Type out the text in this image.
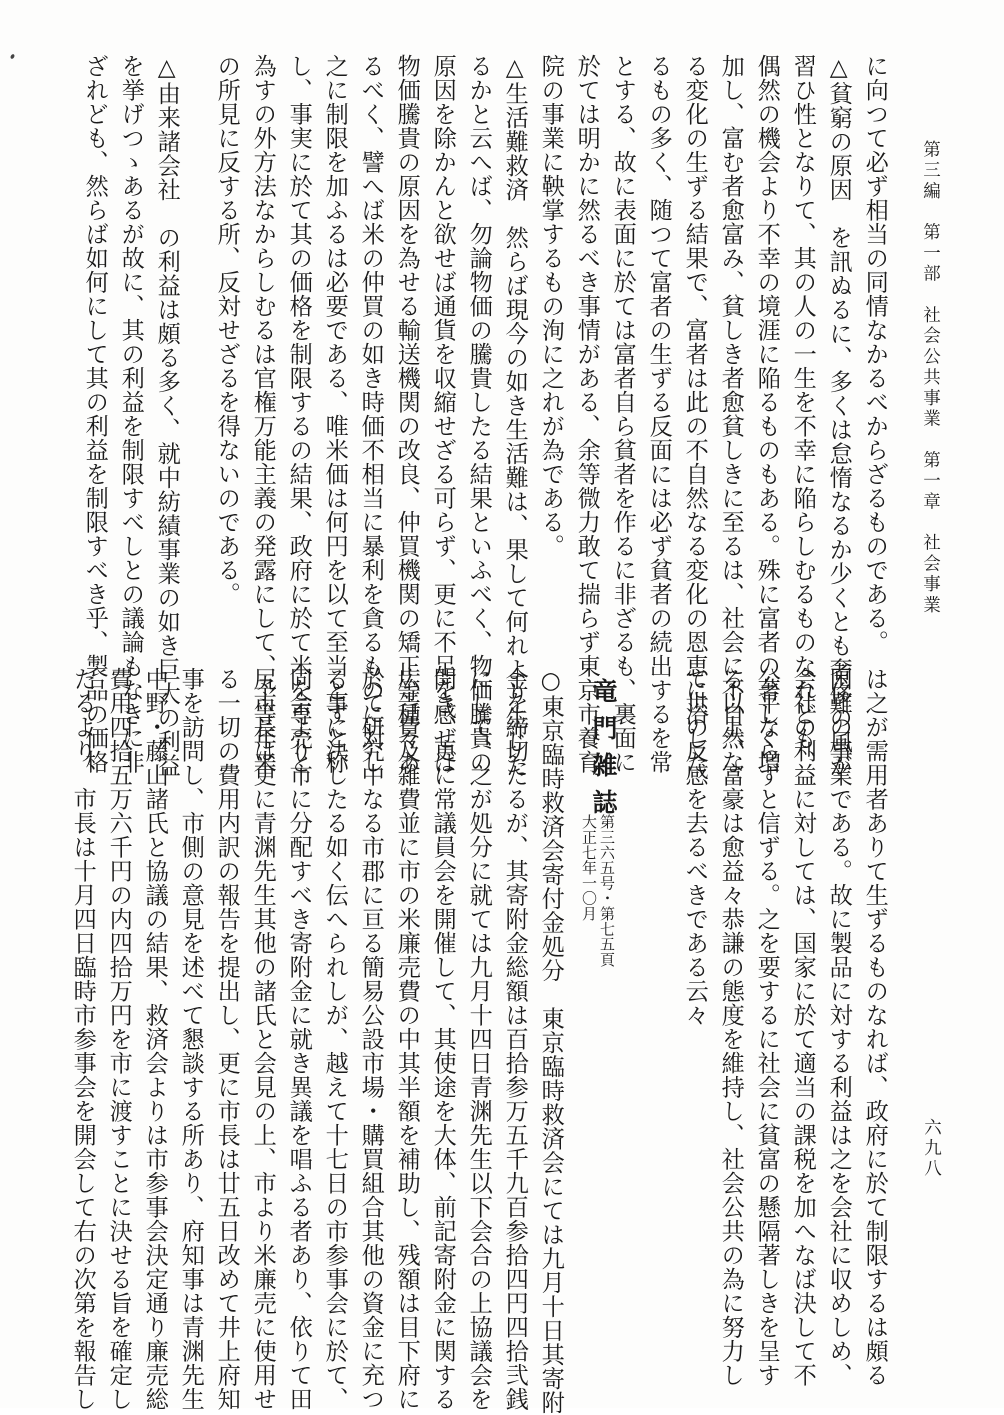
第三編　第一部　社会公共事業　第一章　社会事業
六九八
に向つて必ず相当の同情なかるべからざるものである。
△貧窮の原因　を訊ぬるに、多くは怠惰なるか少くとも奢侈の風が
習ひ性となりて、其の人の一生を不幸に陥らしむるものなれども、
偶然の機会より不幸の境涯に陥るものもある。殊に富者の著しく増
加し、富む者愈富み、貧しき者愈貧しきに至るは、社会に不自然な
る変化の生ずる結果で、富者は此の不自然なる変化の恩恵に浴した
るもの多く、随つて富者の生ずる反面には必ず貧者の続出するを常
とする、故に表面に於ては富者自ら貧者を作るに非ざるも、裏面に
於ては明かに然るべき事情がある、余等微力敢て揣らず東京市養育
院の事業に鞅掌するもの洵に之れが為である。
△生活難救済　然らば現今の如き生活難は、果して何れより生じた
るかと云へば、勿論物価の騰貴したる結果といふべく、物価騰貴の
原因を除かんと欲せば通貨を収縮せざる可らず、更に不足を感ぜば
物価騰貴の原因を為せる輸送機関の改良、仲買機関の矯正等種々あ
るべく、譬へば米の仲買の如き時価不相当に暴利を貪るものに対し
之に制限を加ふるは必要である、唯米価は何円を以て至当とすと称
し、事実に於て其の価格を制限するの結果、政府に於て米を専売と
為すの外方法なからしむるは官権万能主義の発露にして、予等年来
の所見に反する所、反対せざるを得ないのである。
△由来諸会社　の利益は頗る多く、就中紡績事業の如き巨大の利益
を挙げつゝあるが故に、其の利益を制限すべしとの議論もなきに非
ざれども、然らば如何にして其の利益を制限すべき乎、製品の価格
は之が需用者ありて生ずるものなれば、政府に於て制限するは頗る
困難の事業である。故に製品に対する利益は之を会社に収めしめ、
会社の利益に対しては、国家に於て適当の課税を加へなば決して不
公平ならずと信ずる。之を要するに社会に貧富の懸隔著しきを呈す
る以上、富豪は愈益々恭謙の態度を維持し、社会公共の為に努力し
て世の反感を去るべきである云々
竜門雑誌
第三六五号・第七五頁
大正七年一〇月
○東京臨時救済会寄付金処分　東京臨時救済会にては九月十日其寄附
金を締切たるが、其寄附金総額は百拾参万五千九百参拾四円四拾弐銭
にして、之が処分に就ては九月十四日青渊先生以下会合の上協議会を
開き、更に常議員会を開催して、其使途を大体、前記寄附金に関する
広告費及雑費並に市の米廉売費の中其半額を補助し、残額は目下府に
於て研究中なる市郡に亘る簡易公設市場・購買組合其他の資金に充つ
る事に決したる如く伝へられしが、越えて十七日の市参事会に於て、
同会より市に分配すべき寄附金に就き異議を唱ふる者あり、依りて田
尻市長は更に青渊先生其他の諸氏と会見の上、市より米廉売に使用せ
る一切の費用内訳の報告を提出し、更に市長は廿五日改めて井上府知
事を訪問し、市側の意見を述べて懇談する所あり、府知事は青渊先生
中野・藤山諸氏と協議の結果、救済会よりは市参事会決定通り廉売総
費用四拾五万六千円の内四拾万円を市に渡すことに決せる旨を確定し
たるより、市長は十月四日臨時市参事会を開会して右の次第を報告し
